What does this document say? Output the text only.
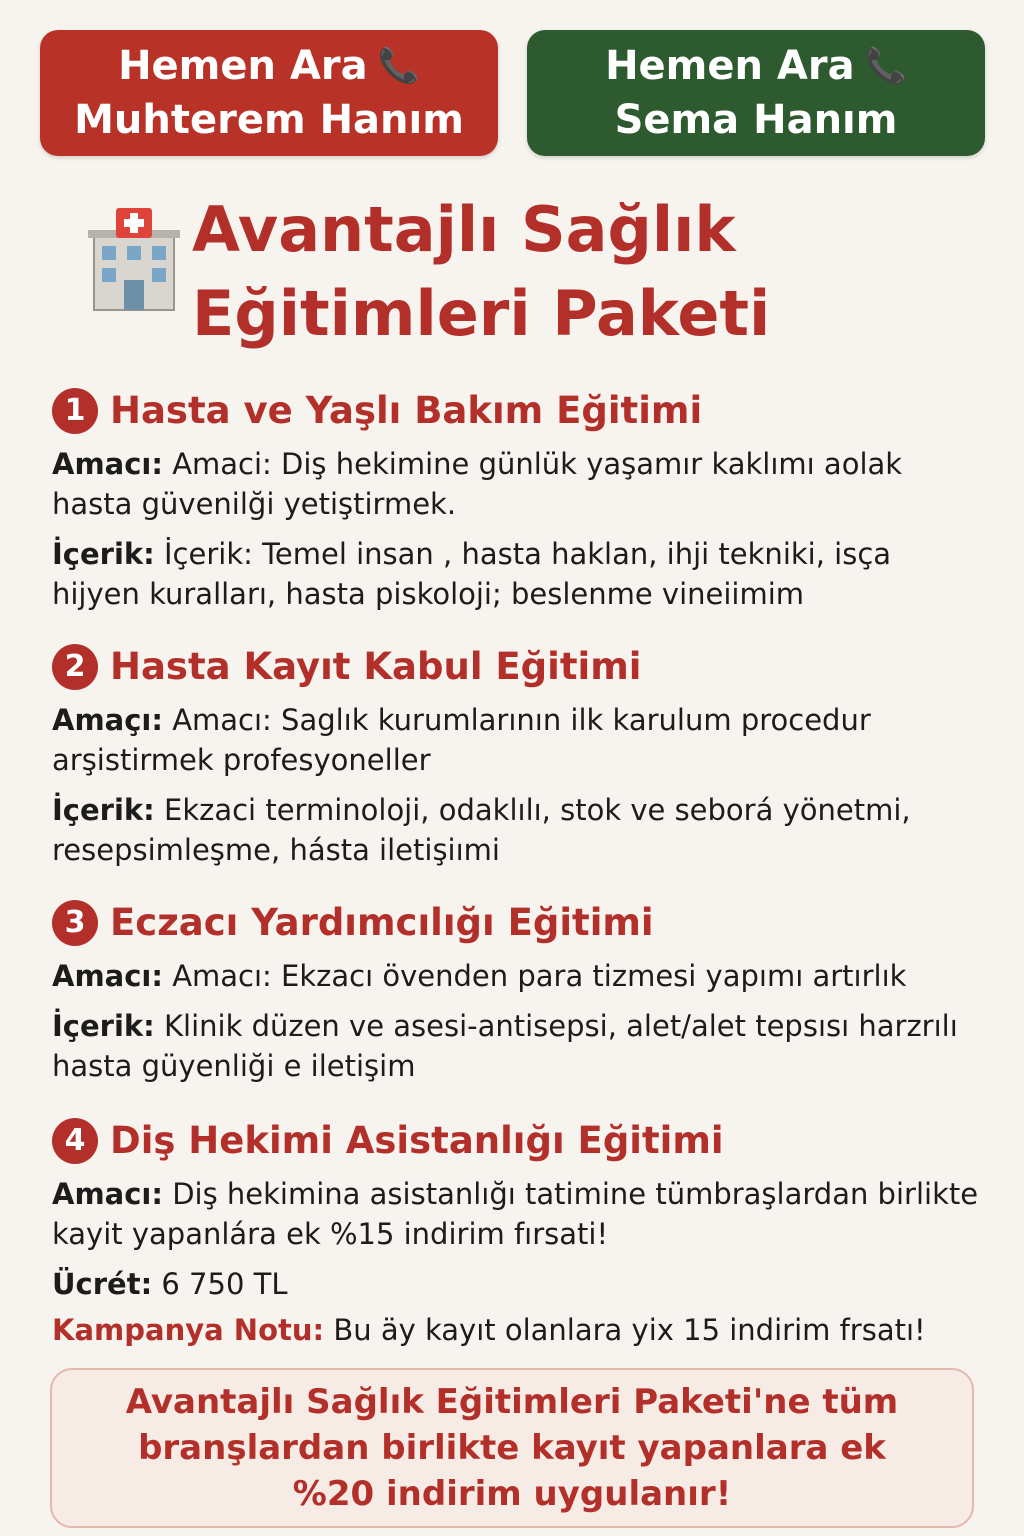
Hemen Ara 📞
Muhterem Hanım
Hemen Ara 📞
Sema Hanım
Avantajlı Sağlık
Eğitimleri Paketi
1 Hasta ve Yaşlı Bakım Eğitimi
Amacı: Amaci: Diş hekimine günlük yaşamır kaklımı aolak hasta güvenilği yetiştirmek.
İçerik: İçerik: Temel insan , hasta haklan, ihji tekniki, isça hijyen kuralları, hasta piskoloji; beslenme vineiimim
2 Hasta Kayıt Kabul Eğitimi
Amaçı: Amacı: Saglık kurumlarının ilk karulum procedur arşistirmek profesyoneller
İçerik: Ekzaci terminoloji, odaklılı, stok ve seborá yönetmi, resepsimleşme, hásta iletişiımi
3 Eczacı Yardımcılığı Eğitimi
Amacı: Amacı: Ekzacı övenden para tizmesi yapımı artırlık
İçerik: Klinik düzen ve asesi-antisepsi, alet/alet tepsısı harzrılı hasta güyenliği e iletişim
4 Diş Hekimi Asistanlığı Eğitimi
Amacı: Diş hekimina asistanlığı tatimine tümbraşlardan birlikte kayit yapanlára ek %15 indirim fırsati!
Ücrét: 6 750 TL
Kampanya Notu: Bu äy kayıt olanlara yix 15 indirim frsatı!
Avantajlı Sağlık Eğitimleri Paketi'ne tüm branşlardan birlikte kayıt yapanlara ek %20 indirim uygulanır!
